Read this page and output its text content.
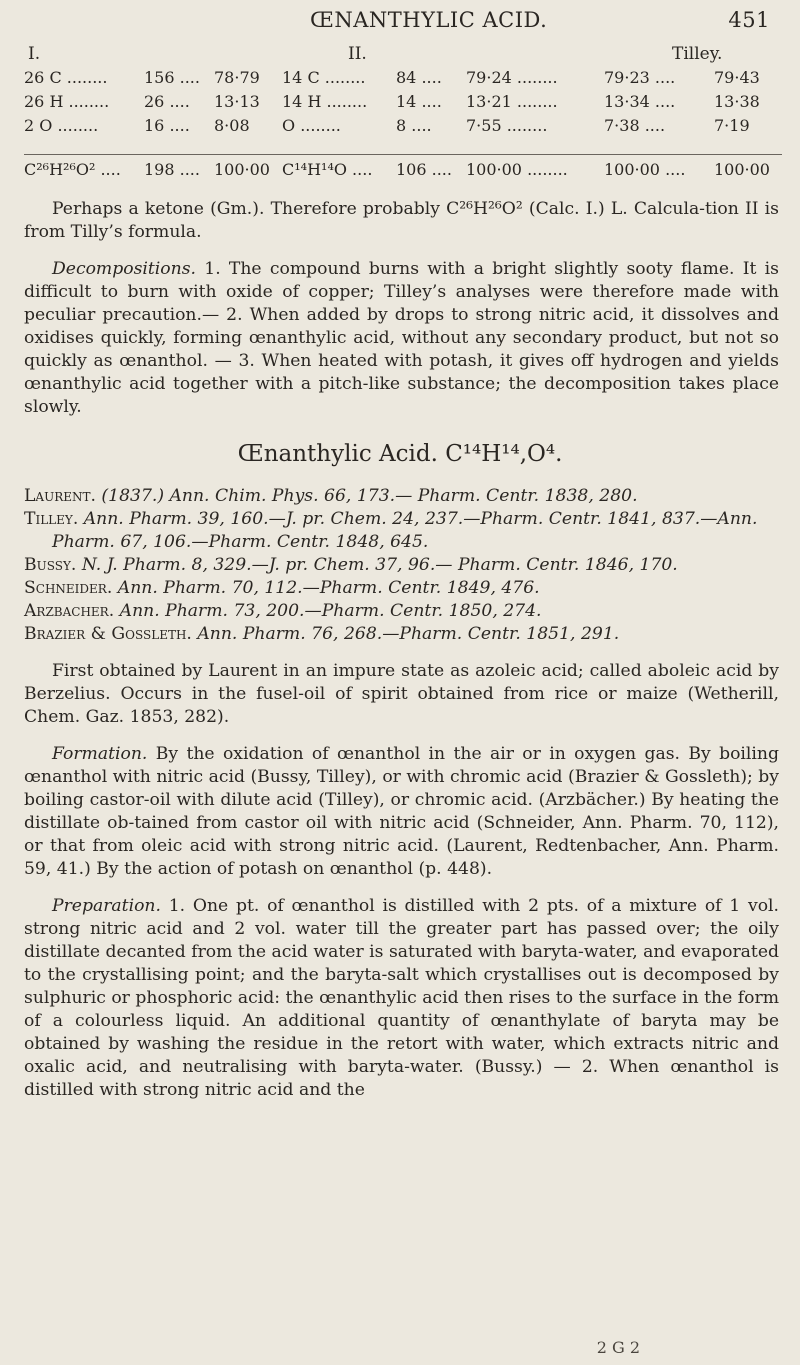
ŒNANTHYLIC ACID.	451
I.	II.	Tilley.
26 C ........ 156 .... 78·79 14 C ........ 84 .... 79·24 ........	79·23 .... 79·43
26 H ........ 26 .... 13·13 14 H ........ 14 .... 13·21 ........	13·34 .... 13·38
2 O ........	16 .... 8·08 O ........	8 .... 7·55 ........	7·38 ....	7·19
C²⁶H²⁶O² .... 198 .... 100·00 C¹⁴H¹⁴O .... 106 .... 100·00 ........ 100·00 .... 100·00
Perhaps a ketone (Gm.). Therefore probably C²⁶H²⁶O² (Calc. I.) L. Calcula-tion II is from Tilly’s formula.
Decompositions. 1. The compound burns with a bright slightly sooty flame. It is difficult to burn with oxide of copper; Tilley’s analyses were therefore made with peculiar precaution.— 2. When added by drops to strong nitric acid, it dissolves and oxidises quickly, forming œnanthylic acid, without any secondary product, but not so quickly as œnanthol. — 3. When heated with potash, it gives off hydrogen and yields œnanthylic acid together with a pitch-like substance; the decomposition takes place slowly.
Œnanthylic Acid. C¹⁴H¹⁴,O⁴.
Laurent. (1837.) Ann. Chim. Phys. 66, 173.— Pharm. Centr. 1838, 280.
Tilley. Ann. Pharm. 39, 160.—J. pr. Chem. 24, 237.—Pharm. Centr. 1841, 837.—Ann. Pharm. 67, 106.—Pharm. Centr. 1848, 645.
Bussy. N. J. Pharm. 8, 329.—J. pr. Chem. 37, 96.— Pharm. Centr. 1846, 170.
Schneider. Ann. Pharm. 70, 112.—Pharm. Centr. 1849, 476.
Arzbacher. Ann. Pharm. 73, 200.—Pharm. Centr. 1850, 274.
Brazier & Gossleth. Ann. Pharm. 76, 268.—Pharm. Centr. 1851, 291.
First obtained by Laurent in an impure state as azoleic acid; called aboleic acid by Berzelius. Occurs in the fusel-oil of spirit obtained from rice or maize (Wetherill, Chem. Gaz. 1853, 282).
Formation. By the oxidation of œnanthol in the air or in oxygen gas. By boiling œnanthol with nitric acid (Bussy, Tilley), or with chromic acid (Brazier & Gossleth); by boiling castor-oil with dilute acid (Tilley), or chromic acid. (Arzbächer.) By heating the distillate ob-tained from castor oil with nitric acid (Schneider, Ann. Pharm. 70, 112), or that from oleic acid with strong nitric acid. (Laurent, Redtenbacher, Ann. Pharm. 59, 41.) By the action of potash on œnanthol (p. 448).
Preparation. 1. One pt. of œnanthol is distilled with 2 pts. of a mixture of 1 vol. strong nitric acid and 2 vol. water till the greater part has passed over; the oily distillate decanted from the acid water is saturated with baryta-water, and evaporated to the crystallising point; and the baryta-salt which crystallises out is decomposed by sulphuric or phosphoric acid: the œnanthylic acid then rises to the surface in the form of a colourless liquid. An additional quantity of œnanthylate of baryta may be obtained by washing the residue in the retort with water, which extracts nitric and oxalic acid, and neutralising with baryta-water. (Bussy.) — 2. When œnanthol is distilled with strong nitric acid and the
2 G 2
